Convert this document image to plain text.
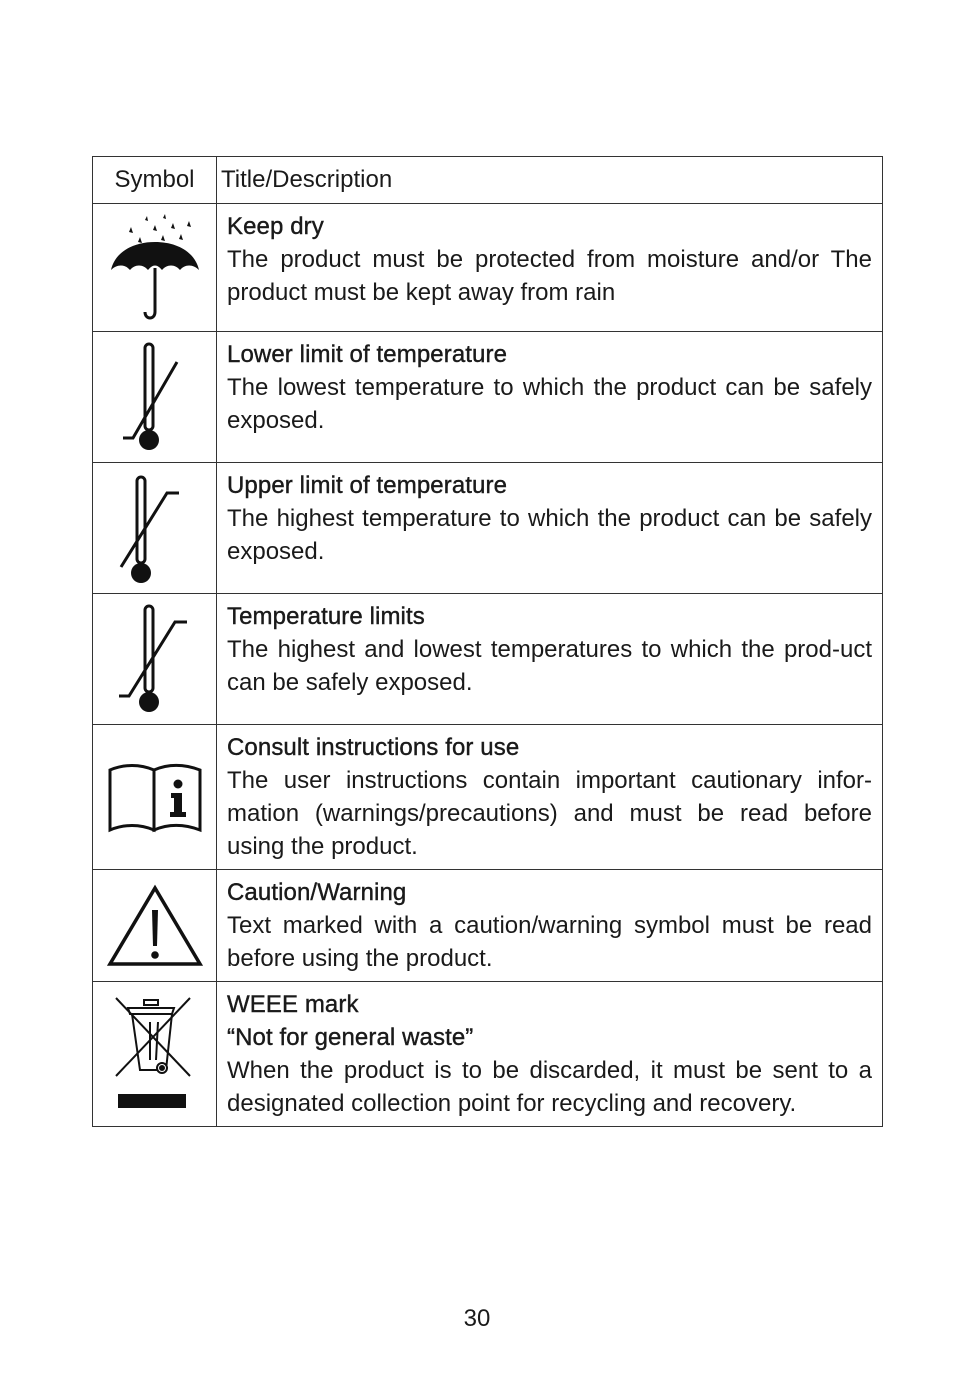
Symbol	Title/Description

Keep dry
The product must be protected from moisture and/or The product must be kept away from rain

Lower limit of temperature
The lowest temperature to which the product can be safely exposed.

Upper limit of temperature
The highest temperature to which the product can be safely exposed.

Temperature limits
The highest and lowest temperatures to which the prod-uct can be safely exposed.

Consult instructions for use
The user instructions contain important cautionary infor-mation (warnings/precautions) and must be read before using the product.

Caution/Warning
Text marked with a caution/warning symbol must be read before using the product.

WEEE mark
“Not for general waste”
When the product is to be discarded, it must be sent to a designated collection point for recycling and recovery.
30
